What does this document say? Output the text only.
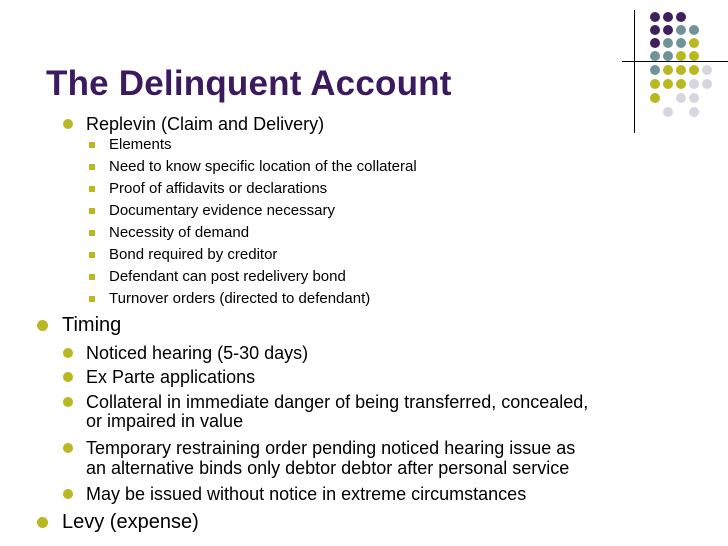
The Delinquent Account
Replevin (Claim and Delivery)
Elements
Need to know specific location of the collateral
Proof of affidavits or declarations
Documentary evidence necessary
Necessity of demand
Bond required by creditor
Defendant can post redelivery bond
Turnover orders (directed to defendant)
Timing
Noticed hearing (5-30 days)
Ex Parte applications
Collateral in immediate danger of being transferred, concealed,
or impaired in value
Temporary restraining order pending noticed hearing issue as
an alternative binds only debtor debtor after personal service
May be issued without notice in extreme circumstances
Levy (expense)
